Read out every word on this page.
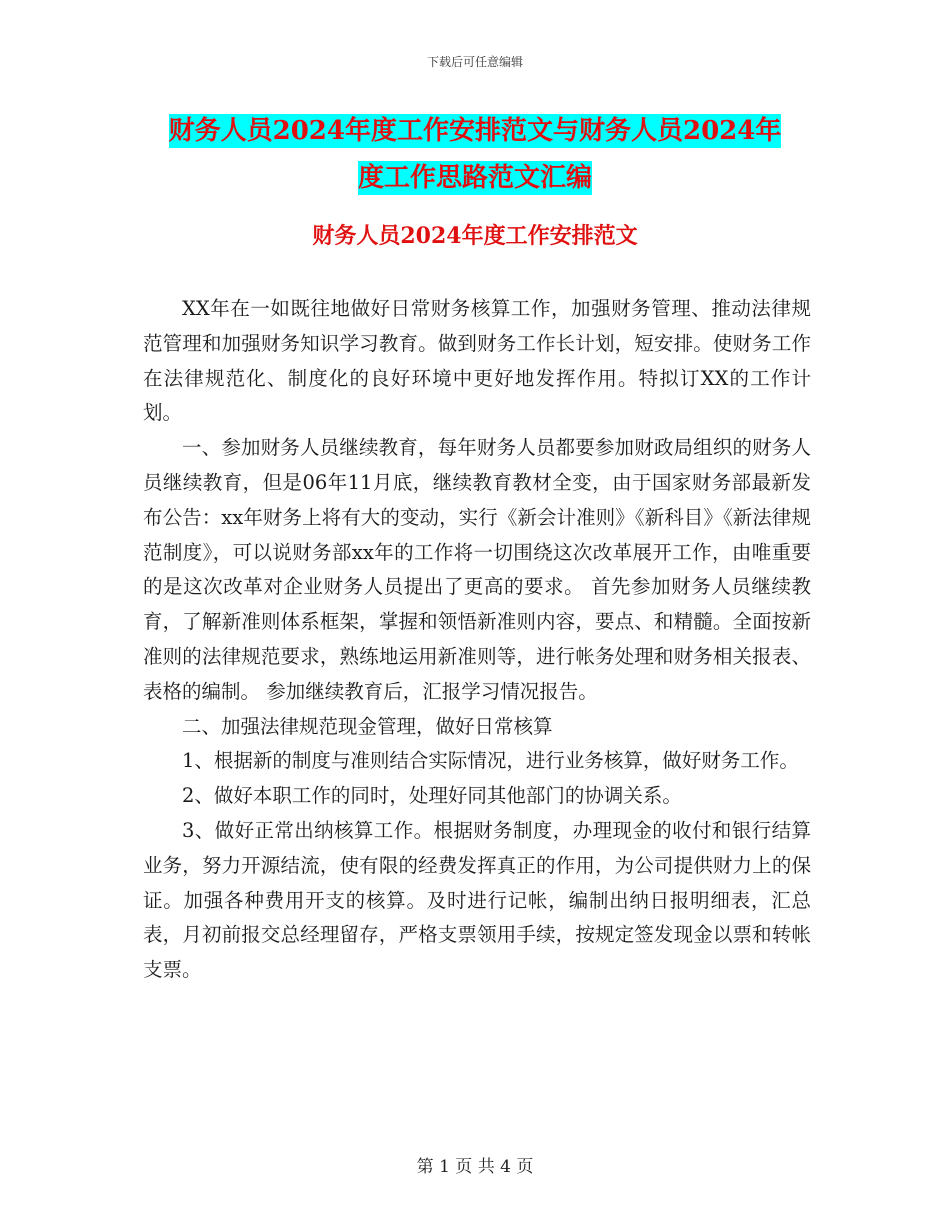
下载后可任意编辑
财务人员2024年度工作安排范文与财务人员2024年
度工作思路范文汇编
财务人员2024年度工作安排范文

XX年在一如既往地做好日常财务核算工作，加强财务管理、推动法律规范管理和加强财务知识学习教育。做到财务工作长计划，短安排。使财务工作在法律规范化、制度化的良好环境中更好地发挥作用。特拟订XX的工作计划。

一、参加财务人员继续教育，每年财务人员都要参加财政局组织的财务人员继续教育，但是06年11月底，继续教育教材全变，由于国家财务部最新发布公告：xx年财务上将有大的变动，实行《新会计准则》《新科目》《新法律规范制度》，可以说财务部xx年的工作将一切围绕这次改革展开工作，由唯重要的是这次改革对企业财务人员提出了更高的要求。 首先参加财务人员继续教育，了解新准则体系框架，掌握和领悟新准则内容，要点、和精髓。全面按新准则的法律规范要求，熟练地运用新准则等，进行帐务处理和财务相关报表、表格的编制。 参加继续教育后，汇报学习情况报告。

二、加强法律规范现金管理，做好日常核算

1、根据新的制度与准则结合实际情况，进行业务核算，做好财务工作。

2、做好本职工作的同时，处理好同其他部门的协调关系。

3、做好正常出纳核算工作。根据财务制度，办理现金的收付和银行结算业务，努力开源结流，使有限的经费发挥真正的作用，为公司提供财力上的保证。加强各种费用开支的核算。及时进行记帐，编制出纳日报明细表，汇总表，月初前报交总经理留存，严格支票领用手续，按规定签发现金以票和转帐支票。

第 1 页 共 4 页
